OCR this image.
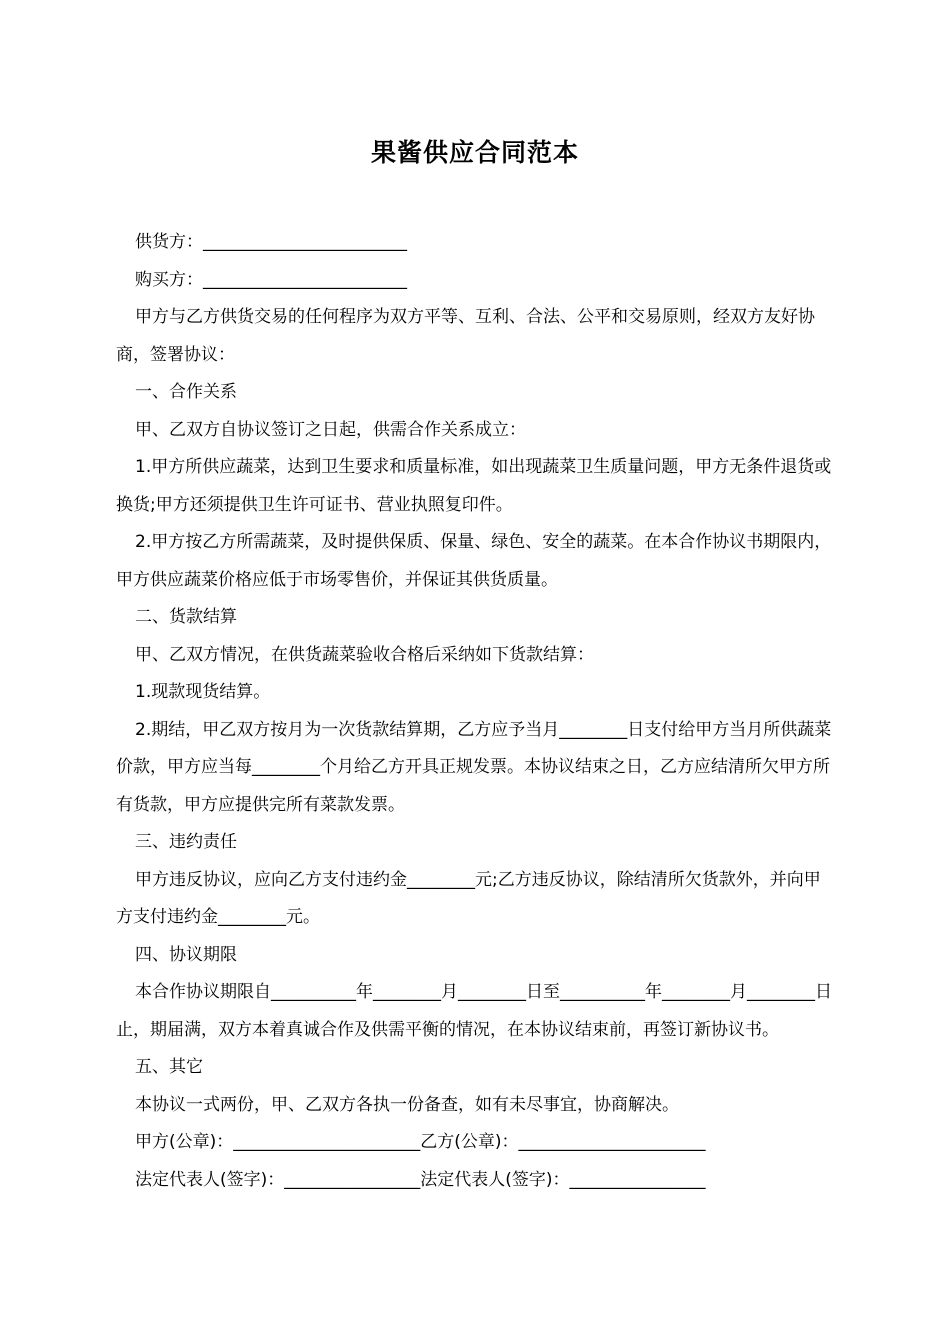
果酱供应合同范本

供货方：________________________

购买方：________________________

甲方与乙方供货交易的任何程序为双方平等、互利、合法、公平和交易原则，经双方友好协商，签署协议：

一、合作关系

甲、乙双方自协议签订之日起，供需合作关系成立：

1.甲方所供应蔬菜，达到卫生要求和质量标准，如出现蔬菜卫生质量问题，甲方无条件退货或换货;甲方还须提供卫生许可证书、营业执照复印件。

2.甲方按乙方所需蔬菜，及时提供保质、保量、绿色、安全的蔬菜。在本合作协议书期限内，甲方供应蔬菜价格应低于市场零售价，并保证其供货质量。

二、货款结算

甲、乙双方情况，在供货蔬菜验收合格后采纳如下货款结算：

1.现款现货结算。

2.期结，甲乙双方按月为一次货款结算期，乙方应予当月________日支付给甲方当月所供蔬菜价款，甲方应当每________个月给乙方开具正规发票。本协议结束之日，乙方应结清所欠甲方所有货款，甲方应提供完所有菜款发票。

三、违约责任

甲方违反协议，应向乙方支付违约金________元;乙方违反协议，除结清所欠货款外，并向甲方支付违约金________元。

四、协议期限

本合作协议期限自__________年________月________日至__________年________月________日止，期届满，双方本着真诚合作及供需平衡的情况，在本协议结束前，再签订新协议书。

五、其它

本协议一式两份，甲、乙双方各执一份备查，如有未尽事宜，协商解决。

甲方(公章)：______________________乙方(公章)：______________________

法定代表人(签字)：________________法定代表人(签字)：________________
